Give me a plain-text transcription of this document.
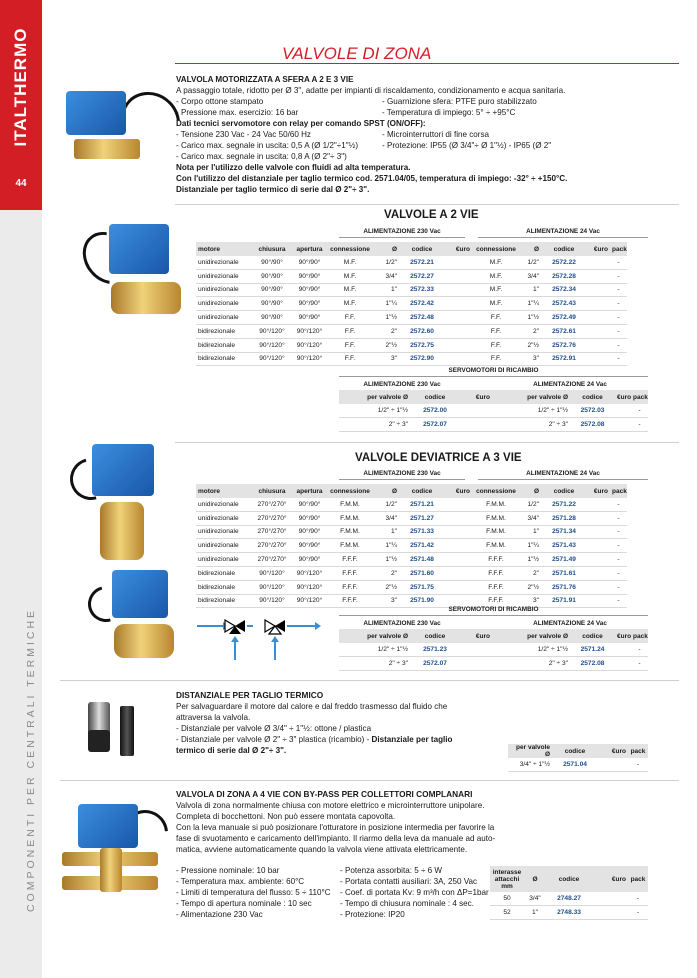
ITALTHERMO
44
COMPONENTI PER CENTRALI TERMICHE
VALVOLE DI ZONA
VALVOLA MOTORIZZATA A SFERA A 2 E 3 VIE
A passaggio totale, ridotto per Ø 3", adatte per impianti di riscaldamento, condizionamento e acqua sanitaria.
- Corpo ottone stampato	- Guarnizione sfera: PTFE puro stabilizzato
- Pressione max. esercizio: 16 bar	- Temperatura di impiego: 5° ÷ +95°C
Dati tecnici servomotore con relay per comando SPST (ON/OFF):
- Tensione 230 Vac - 24 Vac 50/60 Hz	- Microinterruttori di fine corsa
- Carico max. segnale in uscita: 0,5 A (Ø 1/2"÷1"½)	- Protezione: IP55 (Ø 3/4"÷ Ø 1"½) - IP65 (Ø 2"
- Carico max. segnale in uscita: 0,8 A (Ø 2"÷ 3")
Nota per l'utilizzo delle valvole con fluidi ad alta temperatura.
Con l'utilizzo del distanziale per taglio termico cod. 2571.04/05, temperatura di impiego: -32° ÷ +150°C.
Distanziale per taglio termico di serie dal Ø 2"÷ 3".
VALVOLE A 2 VIE
ALIMENTAZIONE 230 Vac	ALIMENTAZIONE 24 Vac
motore	chiusura	apertura	connessione	Ø	codice	€uro	connessione	Ø	codice	€uro	pack
unidirezionale	90°/90°	90°/90°	M.F.	1/2"	2572.21		M.F.	1/2"	2572.22		-
unidirezionale	90°/90°	90°/90°	M.F.	3/4"	2572.27		M.F.	3/4"	2572.28		-
unidirezionale	90°/90°	90°/90°	M.F.	1"	2572.33		M.F.	1"	2572.34		-
unidirezionale	90°/90°	90°/90°	M.F.	1"¼	2572.42		M.F.	1"¼	2572.43		-
unidirezionale	90°/90°	90°/90°	F.F.	1"½	2572.48		F.F.	1"½	2572.49		-
bidirezionale	90°/120°	90°/120°	F.F.	2"	2572.60		F.F.	2"	2572.61		-
bidirezionale	90°/120°	90°/120°	F.F.	2"½	2572.75		F.F.	2"½	2572.76		-
bidirezionale	90°/120°	90°/120°	F.F.	3"	2572.90		F.F.	3"	2572.91		-
SERVOMOTORI DI RICAMBIO
ALIMENTAZIONE 230 Vac	ALIMENTAZIONE 24 Vac
per valvole Ø	codice	€uro	per valvole Ø	codice	€uro	pack
1/2" ÷ 1"½	2572.00		1/2" ÷ 1"½	2572.03		-
2" ÷ 3"	2572.07		2" ÷ 3"	2572.08		-
VALVOLE DEVIATRICE A 3 VIE
ALIMENTAZIONE 230 Vac	ALIMENTAZIONE 24 Vac
motore	chiusura	apertura	connessione	Ø	codice	€uro	connessione	Ø	codice	€uro	pack
unidirezionale	270°/270°	90°/90°	F.M.M.	1/2"	2571.21		F.M.M.	1/2"	2571.22		-
unidirezionale	270°/270°	90°/90°	F.M.M.	3/4"	2571.27		F.M.M.	3/4"	2571.28		-
unidirezionale	270°/270°	90°/90°	F.M.M.	1"	2571.33		F.M.M.	1"	2571.34		-
unidirezionale	270°/270°	90°/90°	F.M.M.	1"¼	2571.42		F.M.M.	1"¼	2571.43		-
unidirezionale	270°/270°	90°/90°	F.F.F.	1"½	2571.48		F.F.F.	1"½	2571.49		-
bidirezionale	90°/120°	90°/120°	F.F.F.	2"	2571.60		F.F.F.	2"	2571.61		-
bidirezionale	90°/120°	90°/120°	F.F.F.	2"½	2571.75		F.F.F.	2"½	2571.76		-
bidirezionale	90°/120°	90°/120°	F.F.F.	3"	2571.90		F.F.F.	3"	2571.91		-
SERVOMOTORI DI RICAMBIO
ALIMENTAZIONE 230 Vac	ALIMENTAZIONE 24 Vac
per valvole Ø	codice	€uro	per valvole Ø	codice	€uro	pack
1/2" ÷ 1"½	2571.23		1/2" ÷ 1"½	2571.24		-
2" ÷ 3"	2572.07		2" ÷ 3"	2572.08		-
DISTANZIALE PER TAGLIO TERMICO
Per salvaguardare il motore dal calore e dal freddo trasmesso dal fluido che
attraversa la valvola.
- Distanziale per valvole Ø 3/4" ÷ 1"½: ottone / plastica
- Distanziale per valvole Ø 2" ÷ 3" plastica (ricambio) - Distanziale per taglio
termico di serie dal Ø 2"÷ 3".	per valvole Ø	codice	€uro	pack
3/4" ÷ 1"½	2571.04		-
VALVOLA DI ZONA A 4 VIE CON BY-PASS PER COLLETTORI COMPLANARI
Valvola di zona normalmente chiusa con motore elettrico e microinterruttore unipolare.
Completa di bocchettoni. Non può essere montata capovolta.
Con la leva manuale si può posizionare l'otturatore in posizione intermedia per favorire la
fase di svuotamento e caricamento dell'impianto. Il riarmo della leva da manuale ad auto-
matica, avviene automaticamente quando la valvola viene attivata elettricamente.
- Pressione nominale: 10 bar
- Temperatura max. ambiente: 60°C
- Limiti di temperatura del flusso: 5 ÷ 110°C
- Tempo di apertura nominale : 10 sec
- Alimentazione 230 Vac
- Potenza assorbita: 5 ÷ 6 W
- Portata contatti ausiliari: 3A, 250 Vac
- Coef. di portata Kv: 9 m³/h con ΔP=1bar
- Tempo di chiusura nominale : 4 sec.
- Protezione: IP20
interasse attacchi mm	Ø	codice	€uro	pack
50	3/4"	2748.27		-
52	1"	2748.33		-
